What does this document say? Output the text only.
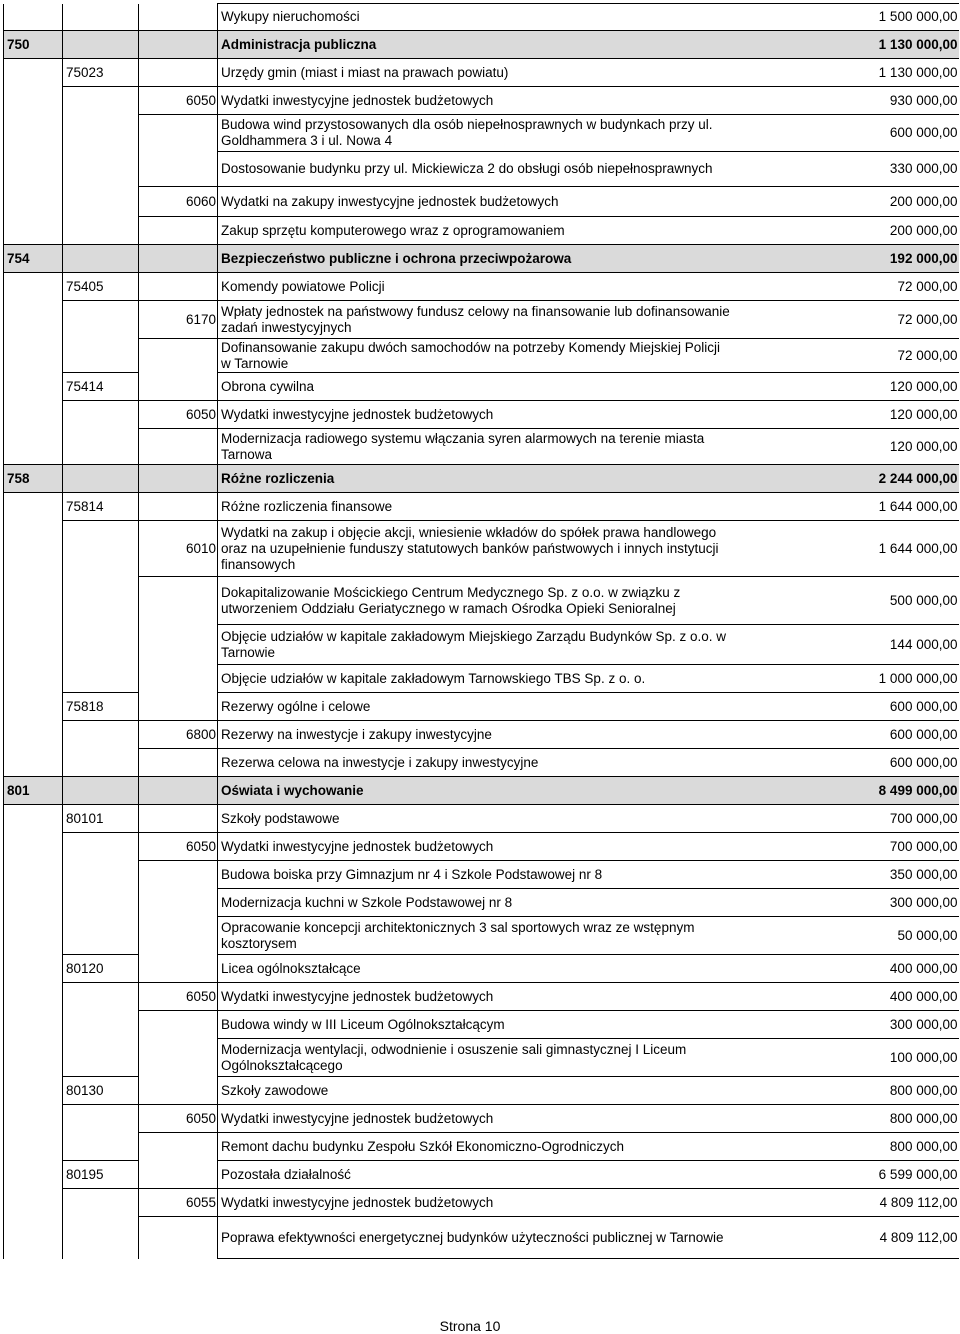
			Wykupy nieruchomości	1 500 000,00
750			Administracja publiczna	1 130 000,00
	75023		Urzędy gmin (miast i miast na prawach powiatu)	1 130 000,00
		6050	Wydatki inwestycyjne jednostek budżetowych	930 000,00
			Budowa wind przystosowanych dla osób niepełnosprawnych w budynkach przy ul. Goldhammera 3 i ul. Nowa 4	600 000,00
			Dostosowanie budynku przy ul. Mickiewicza 2 do obsługi osób niepełnosprawnych	330 000,00
		6060	Wydatki na zakupy inwestycyjne jednostek budżetowych	200 000,00
			Zakup sprzętu komputerowego wraz z oprogramowaniem	200 000,00
754			Bezpieczeństwo publiczne i ochrona przeciwpożarowa	192 000,00
	75405		Komendy powiatowe Policji	72 000,00
		6170	Wpłaty jednostek na państwowy fundusz celowy na finansowanie lub dofinansowanie zadań inwestycyjnych	72 000,00
			Dofinansowanie zakupu dwóch samochodów na potrzeby Komendy Miejskiej Policji w Tarnowie	72 000,00
	75414		Obrona cywilna	120 000,00
		6050	Wydatki inwestycyjne jednostek budżetowych	120 000,00
			Modernizacja radiowego systemu włączania syren alarmowych na terenie miasta Tarnowa	120 000,00
758			Różne rozliczenia	2 244 000,00
	75814		Różne rozliczenia finansowe	1 644 000,00
		6010	Wydatki na zakup i objęcie akcji, wniesienie wkładów do spółek prawa handlowego oraz na uzupełnienie funduszy statutowych banków państwowych i innych instytucji finansowych	1 644 000,00
			Dokapitalizowanie Mościckiego Centrum Medycznego Sp. z o.o. w związku z utworzeniem Oddziału Geriatycznego w ramach Ośrodka Opieki Senioralnej	500 000,00
			Objęcie udziałów w kapitale zakładowym Miejskiego Zarządu Budynków Sp. z o.o. w Tarnowie	144 000,00
			Objęcie udziałów w kapitale zakładowym Tarnowskiego TBS Sp. z o. o.	1 000 000,00
	75818		Rezerwy ogólne i celowe	600 000,00
		6800	Rezerwy na inwestycje i zakupy inwestycyjne	600 000,00
			Rezerwa celowa na inwestycje i zakupy inwestycyjne	600 000,00
801			Oświata i wychowanie	8 499 000,00
	80101		Szkoły podstawowe	700 000,00
		6050	Wydatki inwestycyjne jednostek budżetowych	700 000,00
			Budowa boiska przy Gimnazjum nr 4 i Szkole Podstawowej nr 8	350 000,00
			Modernizacja kuchni w Szkole Podstawowej nr 8	300 000,00
			Opracowanie koncepcji architektonicznych 3 sal sportowych wraz ze wstępnym kosztorysem	50 000,00
	80120		Licea ogólnokształcące	400 000,00
		6050	Wydatki inwestycyjne jednostek budżetowych	400 000,00
			Budowa windy w III Liceum Ogólnokształcącym	300 000,00
			Modernizacja wentylacji, odwodnienie i osuszenie sali gimnastycznej I Liceum Ogólnokształcącego	100 000,00
	80130		Szkoły zawodowe	800 000,00
		6050	Wydatki inwestycyjne jednostek budżetowych	800 000,00
			Remont dachu budynku Zespołu Szkół Ekonomiczno-Ogrodniczych	800 000,00
	80195		Pozostała działalność	6 599 000,00
		6055	Wydatki inwestycyjne jednostek budżetowych	4 809 112,00
			Poprawa efektywności energetycznej budynków użyteczności publicznej w Tarnowie	4 809 112,00
Strona 10
